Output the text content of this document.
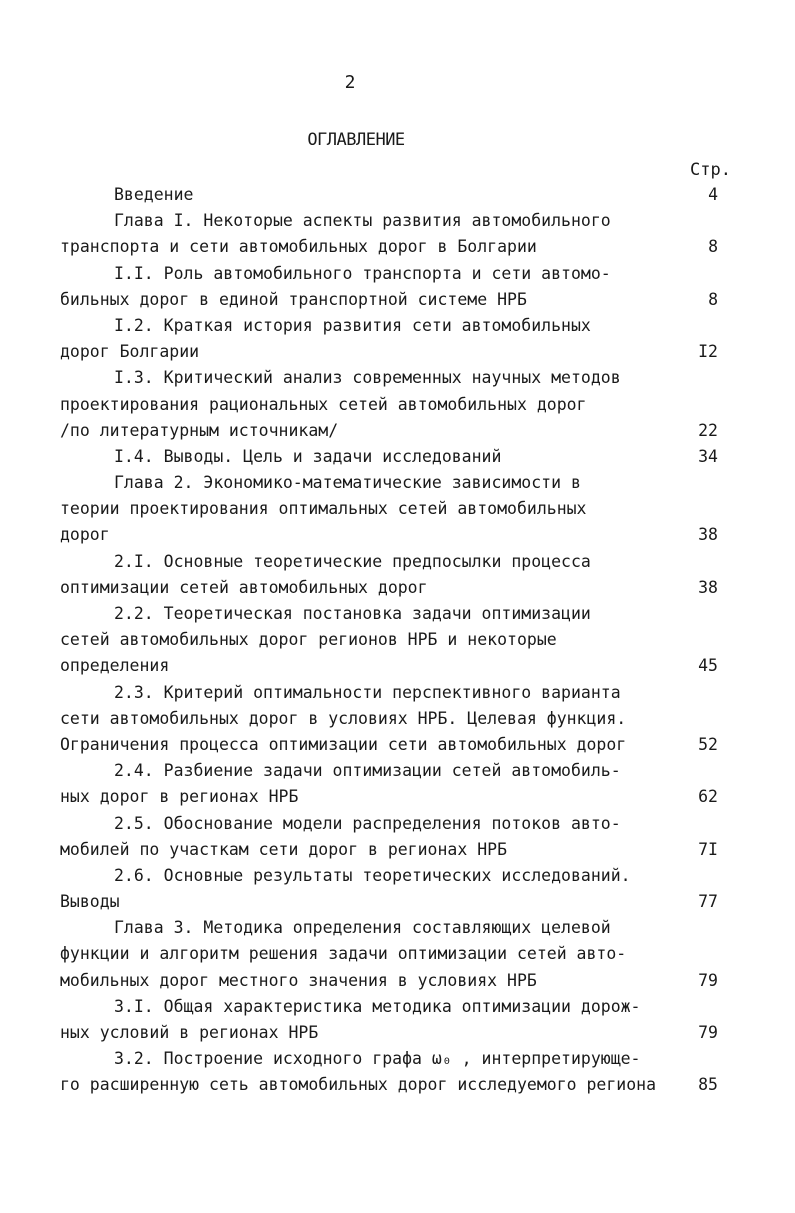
2
ОГЛАВЛЕНИЕ
Стр.
Введение	4
Глава I. Некоторые аспекты развития автомобильного
транспорта и сети автомобильных дорог в Болгарии	8
I.I. Роль автомобильного транспорта и сети автомо-
бильных дорог в единой транспортной системе НРБ	8
I.2. Краткая история развития сети автомобильных
дорог Болгарии	I2
I.3. Критический анализ современных научных методов
проектирования рациональных сетей автомобильных дорог
/по литературным источникам/	22
I.4. Выводы. Цель и задачи исследований	34
Глава 2. Экономико-математические зависимости в
теории проектирования оптимальных сетей автомобильных
дорог	38
2.I. Основные теоретические предпосылки процесса
оптимизации сетей автомобильных дорог	38
2.2. Теоретическая постановка задачи оптимизации
сетей автомобильных дорог регионов НРБ и некоторые
определения	45
2.3. Критерий оптимальности перспективного варианта
сети автомобильных дорог в условиях НРБ. Целевая функция.
Ограничения процесса оптимизации сети автомобильных дорог	52
2.4. Разбиение задачи оптимизации сетей автомобиль-
ных дорог в регионах НРБ	62
2.5. Обоснование модели распределения потоков авто-
мобилей по участкам сети дорог в регионах НРБ	7I
2.6. Основные результаты теоретических исследований.
Выводы	77
Глава 3. Методика определения составляющих целевой
функции и алгоритм решения задачи оптимизации сетей авто-
мобильных дорог местного значения в условиях НРБ	79
3.I. Общая характеристика методика оптимизации дорож-
ных условий в регионах НРБ	79
3.2. Построение исходного графа ω₀ , интерпретирующе-
го расширенную сеть автомобильных дорог исследуемого региона	85
